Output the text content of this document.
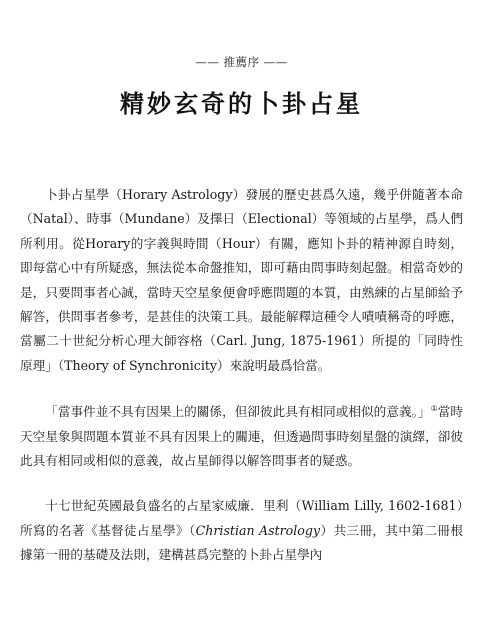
—— 推薦序 ——
精妙玄奇的卜卦占星

卜卦占星學（Horary Astrology）發展的歷史甚爲久遠，幾乎併隨著本命（Natal）、時事（Mundane）及擇日（Electional）等領域的占星學，爲人們所利用。從Horary的字義與時間（Hour）有關，應知卜卦的精神源自時刻，即每當心中有所疑惑，無法從本命盤推知，即可藉由問事時刻起盤。相當奇妙的是，只要問事者心誠，當時天空星象便會呼應問題的本質，由熟練的占星師給予解答，供問事者參考，是甚佳的決策工具。最能解釋這種令人嘖嘖稱奇的呼應，當屬二十世紀分析心理大師容格（Carl. Jung, 1875-1961）所提的「同時性原理」（Theory of Synchronicity）來說明最爲恰當。

「當事件並不具有因果上的關係，但卻彼此具有相同或相似的意義。」①當時天空星象與問題本質並不具有因果上的關連，但透過問事時刻星盤的演繹，卻彼此具有相同或相似的意義，故占星師得以解答問事者的疑惑。

十七世紀英國最負盛名的占星家威廉．里利（William Lilly, 1602-1681）所寫的名著《基督徒占星學》（Christian Astrology）共三冊，其中第二冊根據第一冊的基礎及法則，建構甚爲完整的卜卦占星學內
